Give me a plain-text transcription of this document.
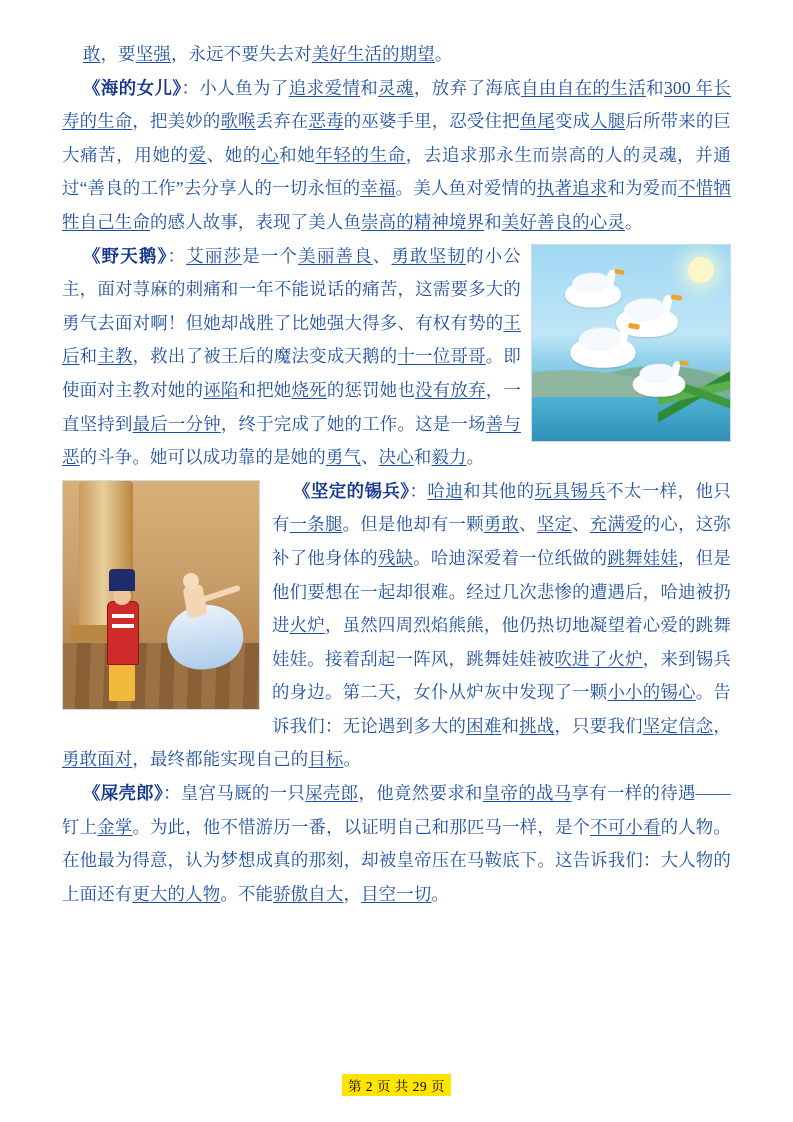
敢，要坚强，永远不要失去对美好生活的期望。

《海的女儿》：小人鱼为了追求爱情和灵魂，放弃了海底自由自在的生活和300 年长寿的生命，把美妙的歌喉丢弃在恶毒的巫婆手里，忍受住把鱼尾变成人腿后所带来的巨大痛苦，用她的爱、她的心和她年轻的生命，去追求那永生而崇高的人的灵魂，并通过“善良的工作”去分享人的一切永恒的幸福。美人鱼对爱情的执著追求和为爱而不惜牺牲自己生命的感人故事，表现了美人鱼崇高的精神境界和美好善良的心灵。

《野天鹅》：艾丽莎是一个美丽善良、勇敢坚韧的小公主，面对荨麻的刺痛和一年不能说话的痛苦，这需要多大的勇气去面对啊！但她却战胜了比她强大得多、有权有势的王后和主教，救出了被王后的魔法变成天鹅的十一位哥哥。即使面对主教对她的诬陷和把她烧死的惩罚她也没有放弃，一直坚持到最后一分钟，终于完成了她的工作。这是一场善与恶的斗争。她可以成功靠的是她的勇气、决心和毅力。

《坚定的锡兵》：哈迪和其他的玩具锡兵不太一样，他只有一条腿。但是他却有一颗勇敢、坚定、充满爱的心，这弥补了他身体的残缺。哈迪深爱着一位纸做的跳舞娃娃，但是他们要想在一起却很难。经过几次悲惨的遭遇后，哈迪被扔进火炉，虽然四周烈焰熊熊，他仍热切地凝望着心爱的跳舞娃娃。接着刮起一阵风，跳舞娃娃被吹进了火炉，来到锡兵的身边。第二天，女仆从炉灰中发现了一颗小小的锡心。告诉我们：无论遇到多大的困难和挑战，只要我们坚定信念，勇敢面对，最终都能实现自己的目标。

《屎壳郎》：皇宫马厩的一只屎壳郎，他竟然要求和皇帝的战马享有一样的待遇——钉上金掌。为此，他不惜游历一番，以证明自己和那匹马一样，是个不可小看的人物。在他最为得意，认为梦想成真的那刻，却被皇帝压在马鞍底下。这告诉我们：大人物的上面还有更大的人物。不能骄傲自大，目空一切。

第 2 页 共 29 页
